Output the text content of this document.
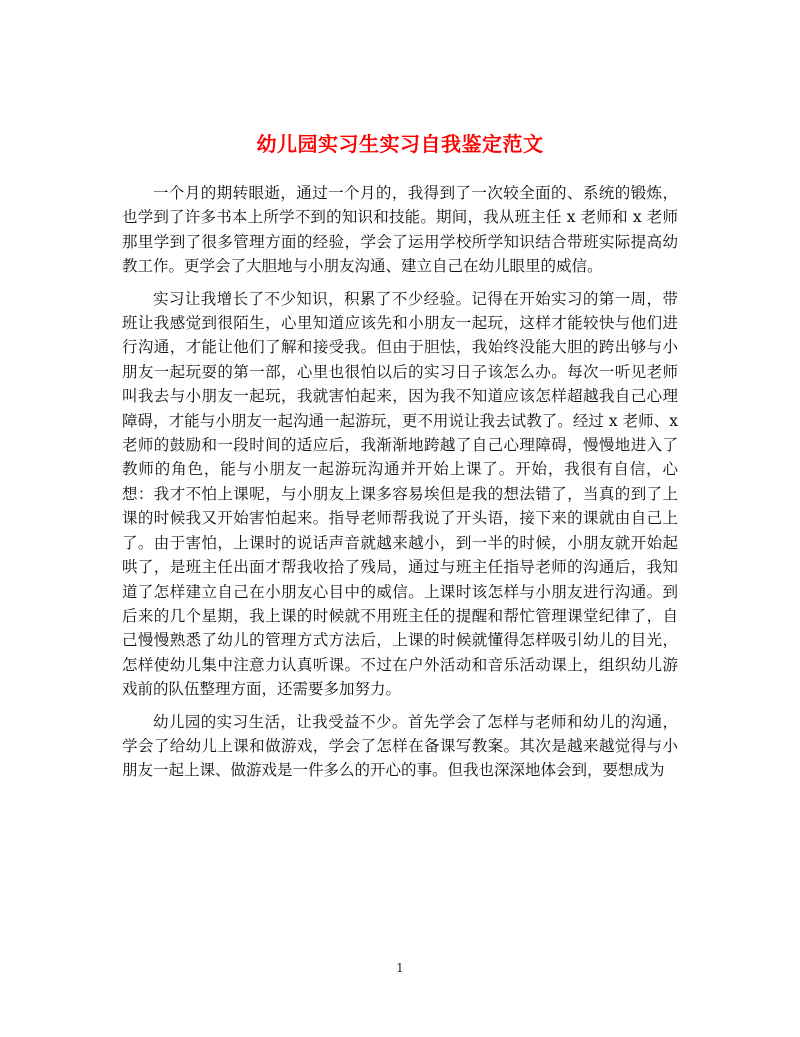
幼儿园实习生实习自我鉴定范文

一个月的期转眼逝，通过一个月的，我得到了一次较全面的、系统的锻炼，也学到了许多书本上所学不到的知识和技能。期间，我从班主任 x 老师和 x 老师那里学到了很多管理方面的经验，学会了运用学校所学知识结合带班实际提高幼教工作。更学会了大胆地与小朋友沟通、建立自己在幼儿眼里的威信。

实习让我增长了不少知识，积累了不少经验。记得在开始实习的第一周，带班让我感觉到很陌生，心里知道应该先和小朋友一起玩，这样才能较快与他们进行沟通，才能让他们了解和接受我。但由于胆怯，我始终没能大胆的跨出够与小朋友一起玩耍的第一部，心里也很怕以后的实习日子该怎么办。每次一听见老师叫我去与小朋友一起玩，我就害怕起来，因为我不知道应该怎样超越我自己心理障碍，才能与小朋友一起沟通一起游玩，更不用说让我去试教了。经过 x 老师、x 老师的鼓励和一段时间的适应后，我渐渐地跨越了自己心理障碍，慢慢地进入了教师的角色，能与小朋友一起游玩沟通并开始上课了。开始，我很有自信，心想：我才不怕上课呢，与小朋友上课多容易埃但是我的想法错了，当真的到了上课的时候我又开始害怕起来。指导老师帮我说了开头语，接下来的课就由自己上了。由于害怕，上课时的说话声音就越来越小，到一半的时候，小朋友就开始起哄了，是班主任出面才帮我收拾了残局，通过与班主任指导老师的沟通后，我知道了怎样建立自己在小朋友心目中的威信。上课时该怎样与小朋友进行沟通。到后来的几个星期，我上课的时候就不用班主任的提醒和帮忙管理课堂纪律了，自己慢慢熟悉了幼儿的管理方式方法后，上课的时候就懂得怎样吸引幼儿的目光，怎样使幼儿集中注意力认真听课。不过在户外活动和音乐活动课上，组织幼儿游戏前的队伍整理方面，还需要多加努力。

幼儿园的实习生活，让我受益不少。首先学会了怎样与老师和幼儿的沟通，学会了给幼儿上课和做游戏，学会了怎样在备课写教案。其次是越来越觉得与小朋友一起上课、做游戏是一件多么的开心的事。但我也深深地体会到，要想成为

1
